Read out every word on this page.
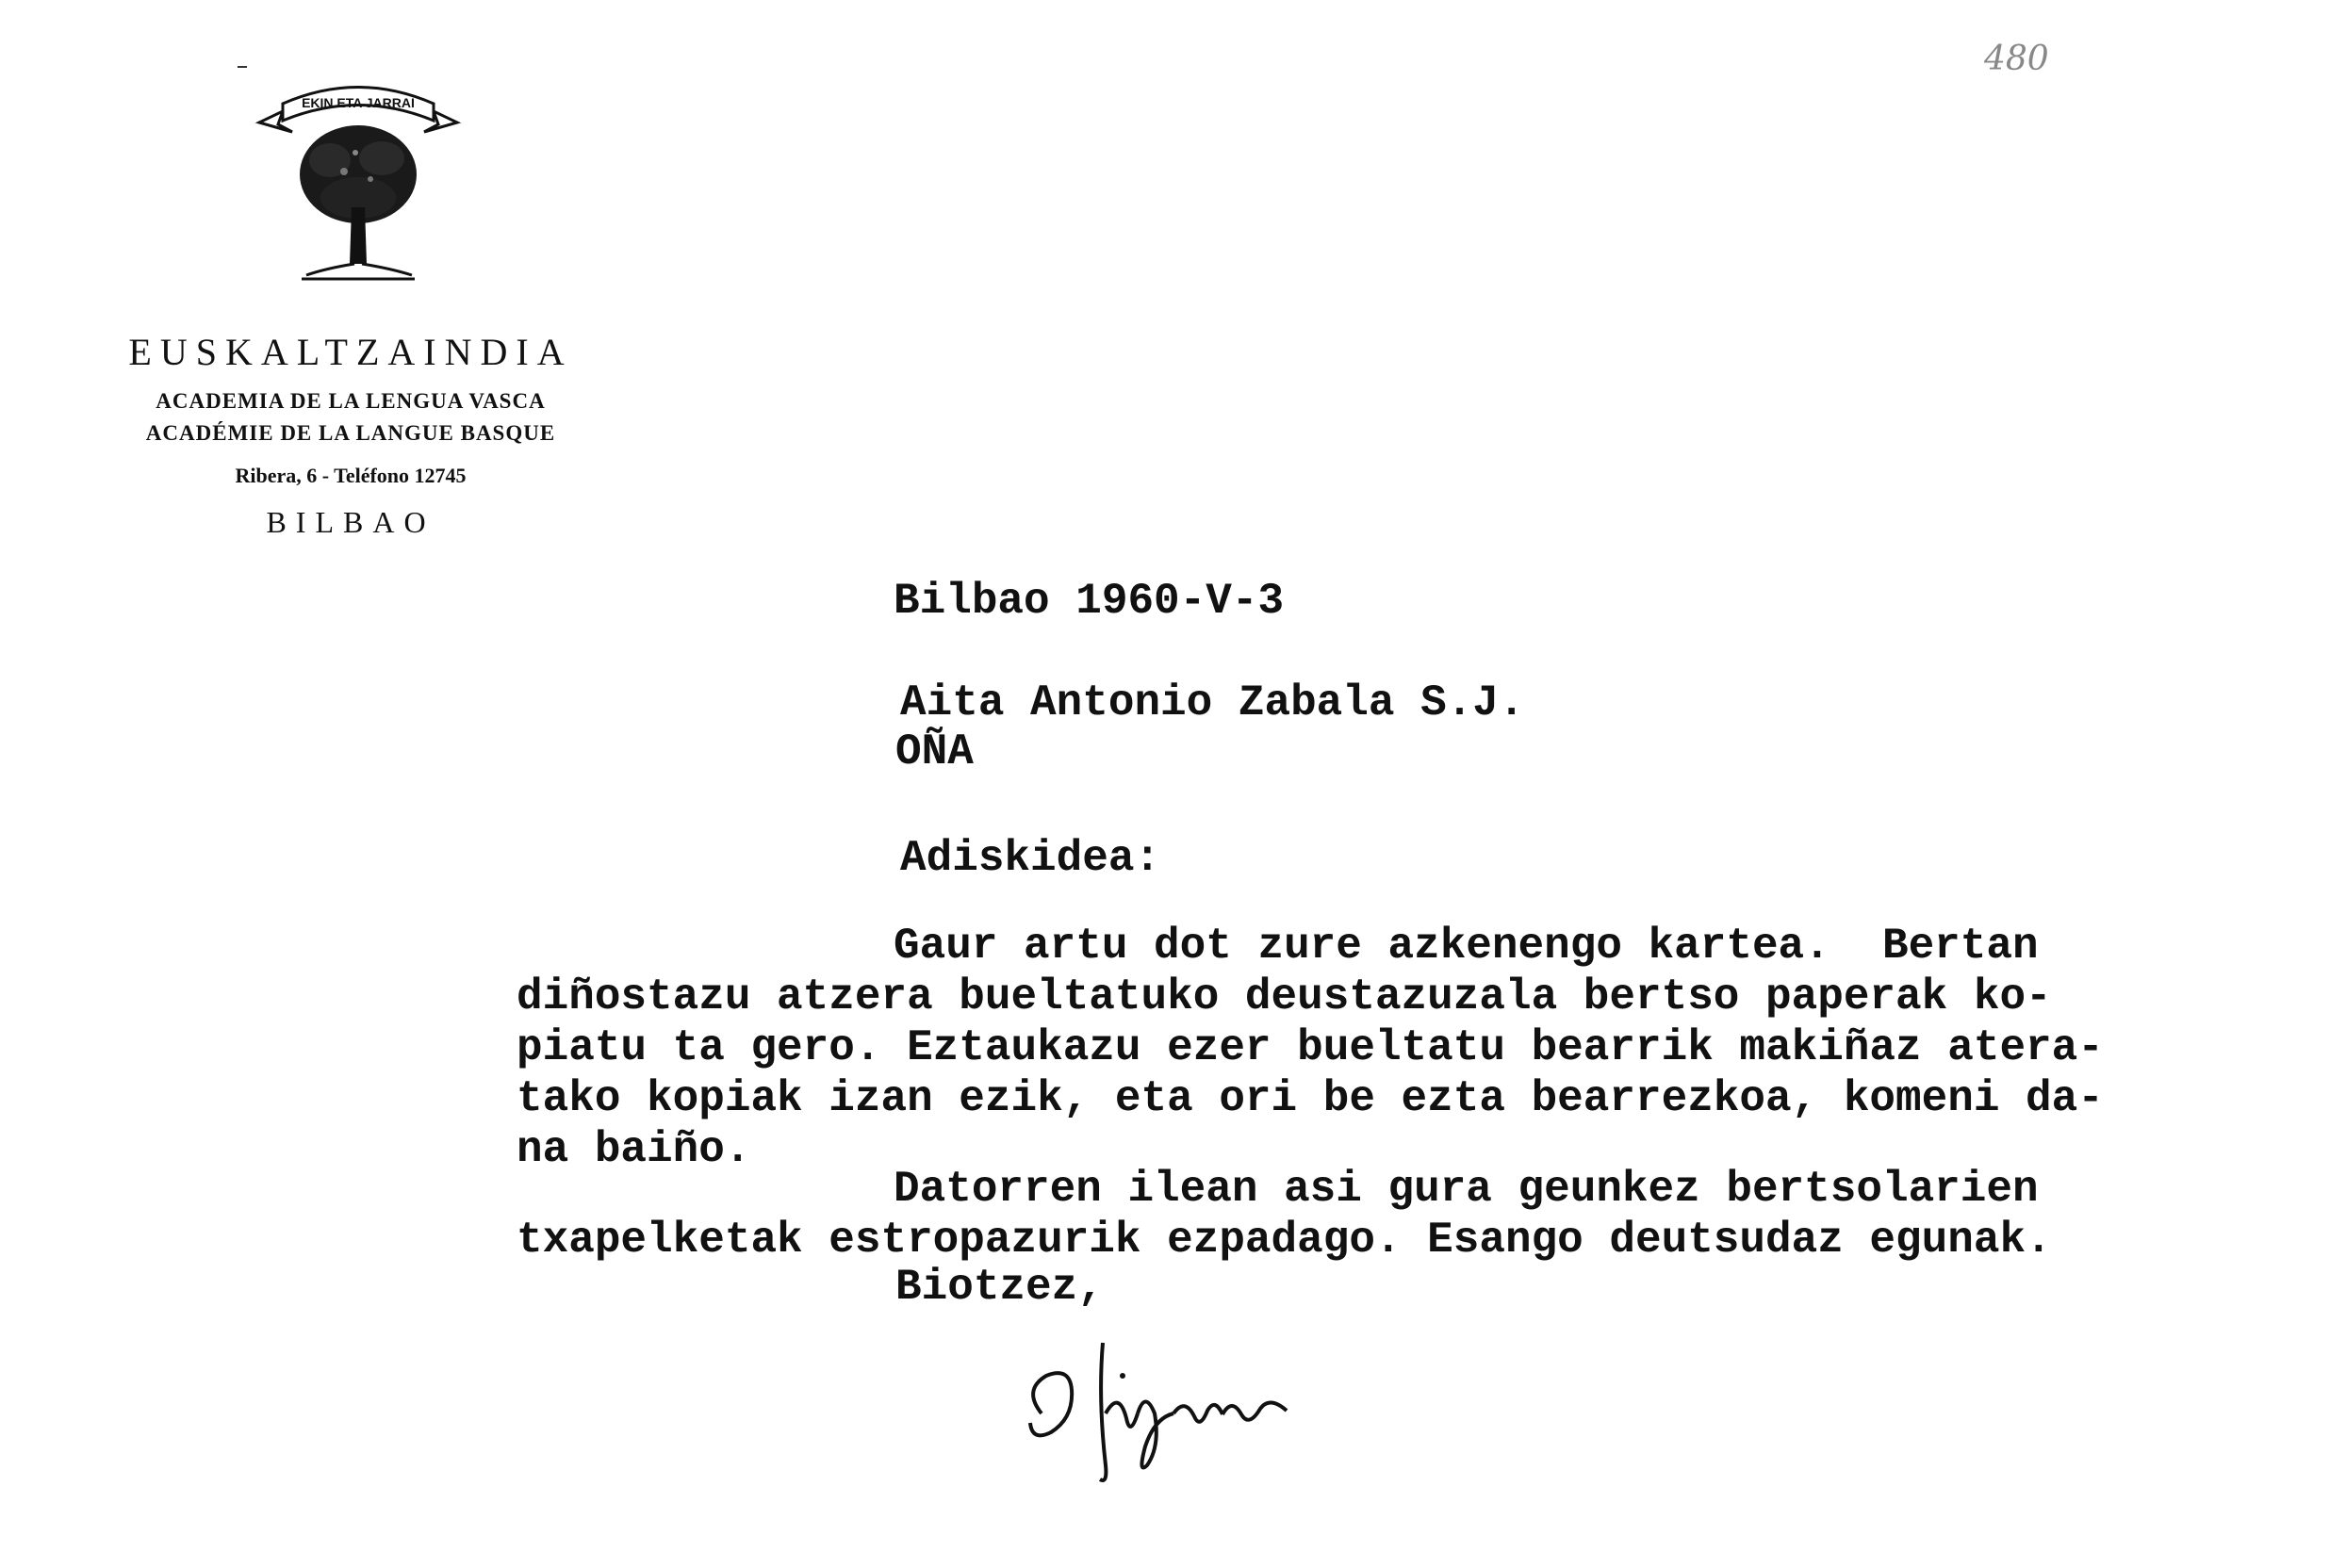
EKIN ETA JARRAI
EUSKALTZAINDIA
ACADEMIA DE LA LENGUA VASCA
ACADÉMIE DE LA LANGUE BASQUE
Ribera, 6 - Teléfono 12745
BILBAO
480
Bilbao 1960-V-3
Aita Antonio Zabala S.J.
OÑA
Adiskidea:
Gaur artu dot zure azkenengo kartea.  Bertan
diñostazu atzera bueltatuko deustazuzala bertso paperak ko-
piatu ta gero. Eztaukazu ezer bueltatu bearrik makiñaz atera-
tako kopiak izan ezik, eta ori be ezta bearrezkoa, komeni da-
na baiño.
Datorren ilean asi gura geunkez bertsolarien
txapelketak estropazurik ezpadago. Esango deutsudaz egunak.
Biotzez,
